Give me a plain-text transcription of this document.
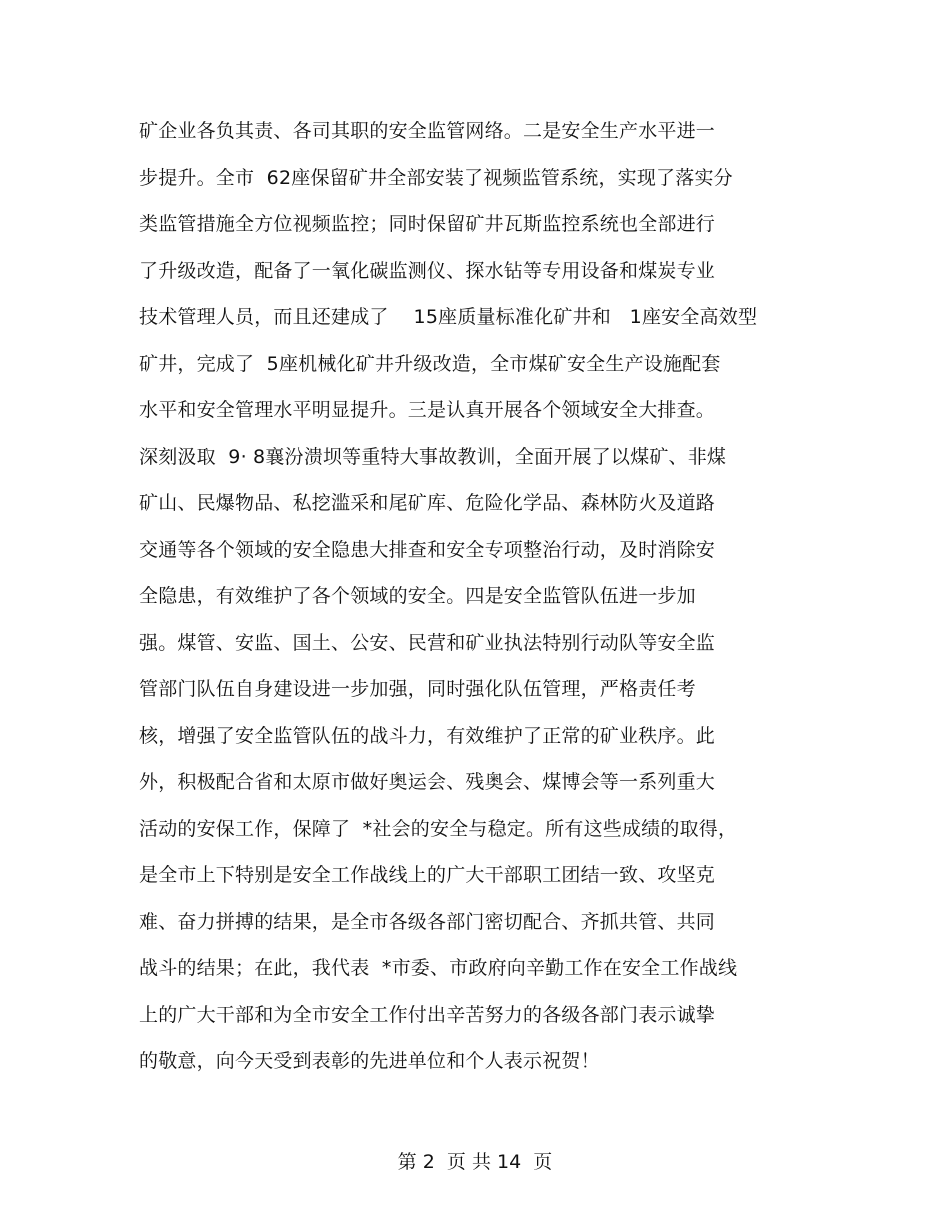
矿企业各负其责、各司其职的安全监管网络。二是安全生产水平进一
步提升。全市  62座保留矿井全部安装了视频监管系统，实现了落实分
类监管措施全方位视频监控；同时保留矿井瓦斯监控系统也全部进行
了升级改造，配备了一氧化碳监测仪、探水钻等专用设备和煤炭专业
技术管理人员，而且还建成了    15座质量标准化矿井和   1座安全高效型
矿井，完成了  5座机械化矿井升级改造，全市煤矿安全生产设施配套
水平和安全管理水平明显提升。三是认真开展各个领域安全大排查。
深刻汲取  9· 8襄汾溃坝等重特大事故教训，全面开展了以煤矿、非煤
矿山、民爆物品、私挖滥采和尾矿库、危险化学品、森林防火及道路
交通等各个领域的安全隐患大排查和安全专项整治行动，及时消除安
全隐患，有效维护了各个领域的安全。四是安全监管队伍进一步加
强。煤管、安监、国土、公安、民营和矿业执法特别行动队等安全监
管部门队伍自身建设进一步加强，同时强化队伍管理，严格责任考
核，增强了安全监管队伍的战斗力，有效维护了正常的矿业秩序。此
外，积极配合省和太原市做好奥运会、残奥会、煤博会等一系列重大
活动的安保工作，保障了  *社会的安全与稳定。所有这些成绩的取得，
是全市上下特别是安全工作战线上的广大干部职工团结一致、攻坚克
难、奋力拼搏的结果，是全市各级各部门密切配合、齐抓共管、共同
战斗的结果；在此，我代表  *市委、市政府向辛勤工作在安全工作战线
上的广大干部和为全市安全工作付出辛苦努力的各级各部门表示诚挚
的敬意，向今天受到表彰的先进单位和个人表示祝贺！
第 2 页 共 14 页
